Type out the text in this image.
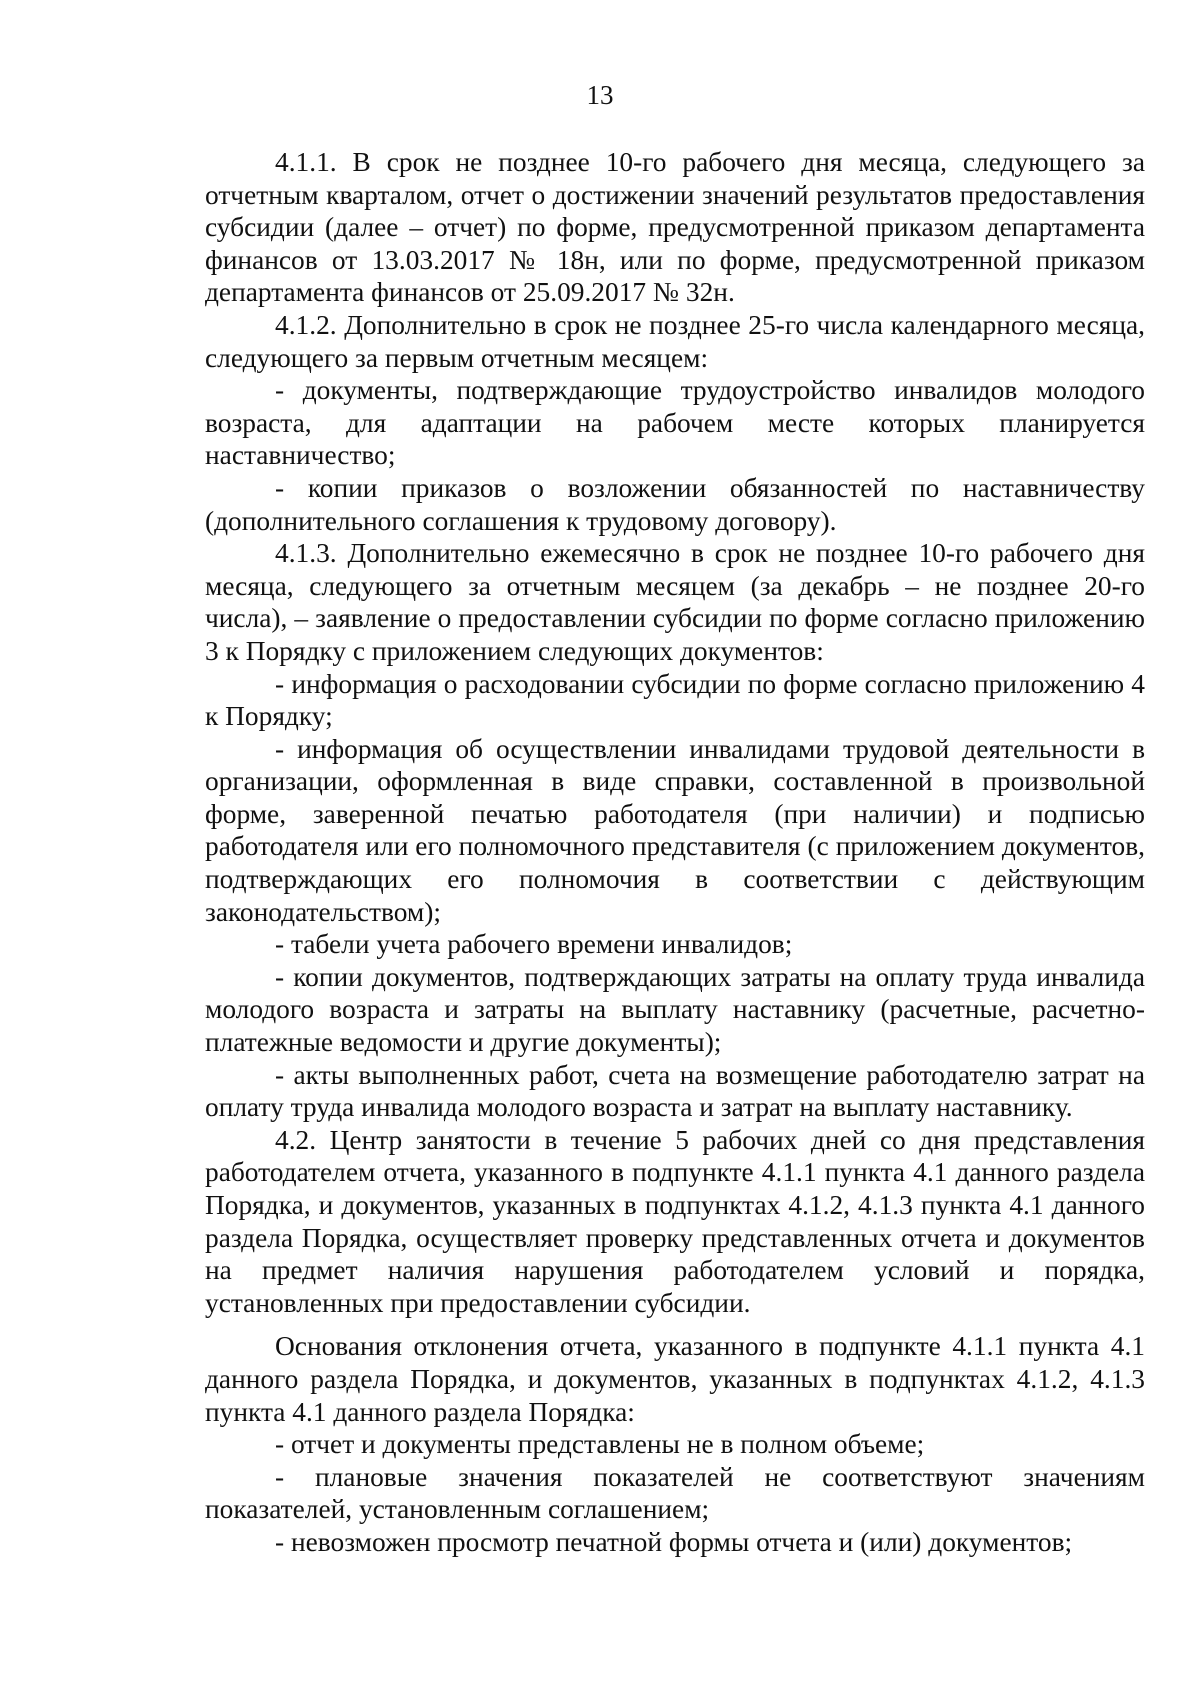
13

4.1.1. В срок не позднее 10-го рабочего дня месяца, следующего за отчетным кварталом, отчет о достижении значений результатов предоставления субсидии (далее – отчет) по форме, предусмотренной приказом департамента финансов от 13.03.2017 № 18н, или по форме, предусмотренной приказом департамента финансов от 25.09.2017 № 32н.

4.1.2. Дополнительно в срок не позднее 25-го числа календарного месяца, следующего за первым отчетным месяцем:

- документы, подтверждающие трудоустройство инвалидов молодого возраста, для адаптации на рабочем месте которых планируется наставничество;

- копии приказов о возложении обязанностей по наставничеству (дополнительного соглашения к трудовому договору).

4.1.3. Дополнительно ежемесячно в срок не позднее 10-го рабочего дня месяца, следующего за отчетным месяцем (за декабрь – не позднее 20-го числа), – заявление о предоставлении субсидии по форме согласно приложению 3 к Порядку с приложением следующих документов:

- информация о расходовании субсидии по форме согласно приложению 4 к Порядку;

- информация об осуществлении инвалидами трудовой деятельности в организации, оформленная в виде справки, составленной в произвольной форме, заверенной печатью работодателя (при наличии) и подписью работодателя или его полномочного представителя (с приложением документов, подтверждающих его полномочия в соответствии с действующим законодательством);

- табели учета рабочего времени инвалидов;

- копии документов, подтверждающих затраты на оплату труда инвалида молодого возраста и затраты на выплату наставнику (расчетные, расчетно-платежные ведомости и другие документы);

- акты выполненных работ, счета на возмещение работодателю затрат на оплату труда инвалида молодого возраста и затрат на выплату наставнику.

4.2. Центр занятости в течение 5 рабочих дней со дня представления работодателем отчета, указанного в подпункте 4.1.1 пункта 4.1 данного раздела Порядка, и документов, указанных в подпунктах 4.1.2, 4.1.3 пункта 4.1 данного раздела Порядка, осуществляет проверку представленных отчета и документов на предмет наличия нарушения работодателем условий и порядка, установленных при предоставлении субсидии.

Основания отклонения отчета, указанного в подпункте 4.1.1 пункта 4.1 данного раздела Порядка, и документов, указанных в подпунктах 4.1.2, 4.1.3 пункта 4.1 данного раздела Порядка:

- отчет и документы представлены не в полном объеме;

- плановые значения показателей не соответствуют значениям показателей, установленным соглашением;

- невозможен просмотр печатной формы отчета и (или) документов;
